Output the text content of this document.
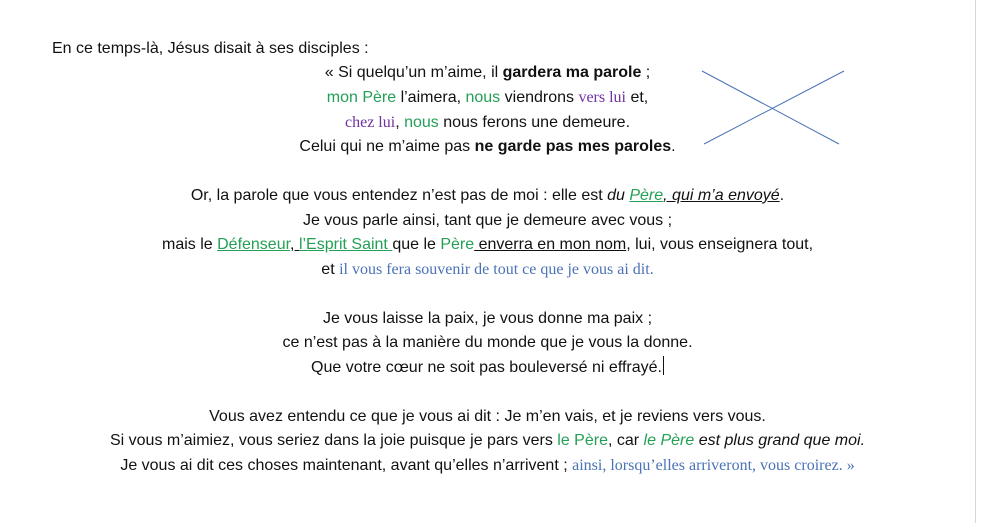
En ce temps-là, Jésus disait à ses disciples :
« Si quelqu’un m’aime, il gardera ma parole ;
mon Père l’aimera, nous viendrons vers lui et,
chez lui, nous nous ferons une demeure.
Celui qui ne m’aime pas ne garde pas mes paroles.
Or, la parole que vous entendez n’est pas de moi : elle est du Père, qui m’a envoyé.
Je vous parle ainsi, tant que je demeure avec vous ;
mais le Défenseur, l’Esprit Saint que le Père enverra en mon nom, lui, vous enseignera tout,
et il vous fera souvenir de tout ce que je vous ai dit.
Je vous laisse la paix, je vous donne ma paix ;
ce n’est pas à la manière du monde que je vous la donne.
Que votre cœur ne soit pas bouleversé ni effrayé.
Vous avez entendu ce que je vous ai dit : Je m’en vais, et je reviens vers vous.
Si vous m’aimiez, vous seriez dans la joie puisque je pars vers le Père, car le Père est plus grand que moi.
Je vous ai dit ces choses maintenant, avant qu’elles n’arrivent ; ainsi, lorsqu’elles arriveront, vous croirez. »
